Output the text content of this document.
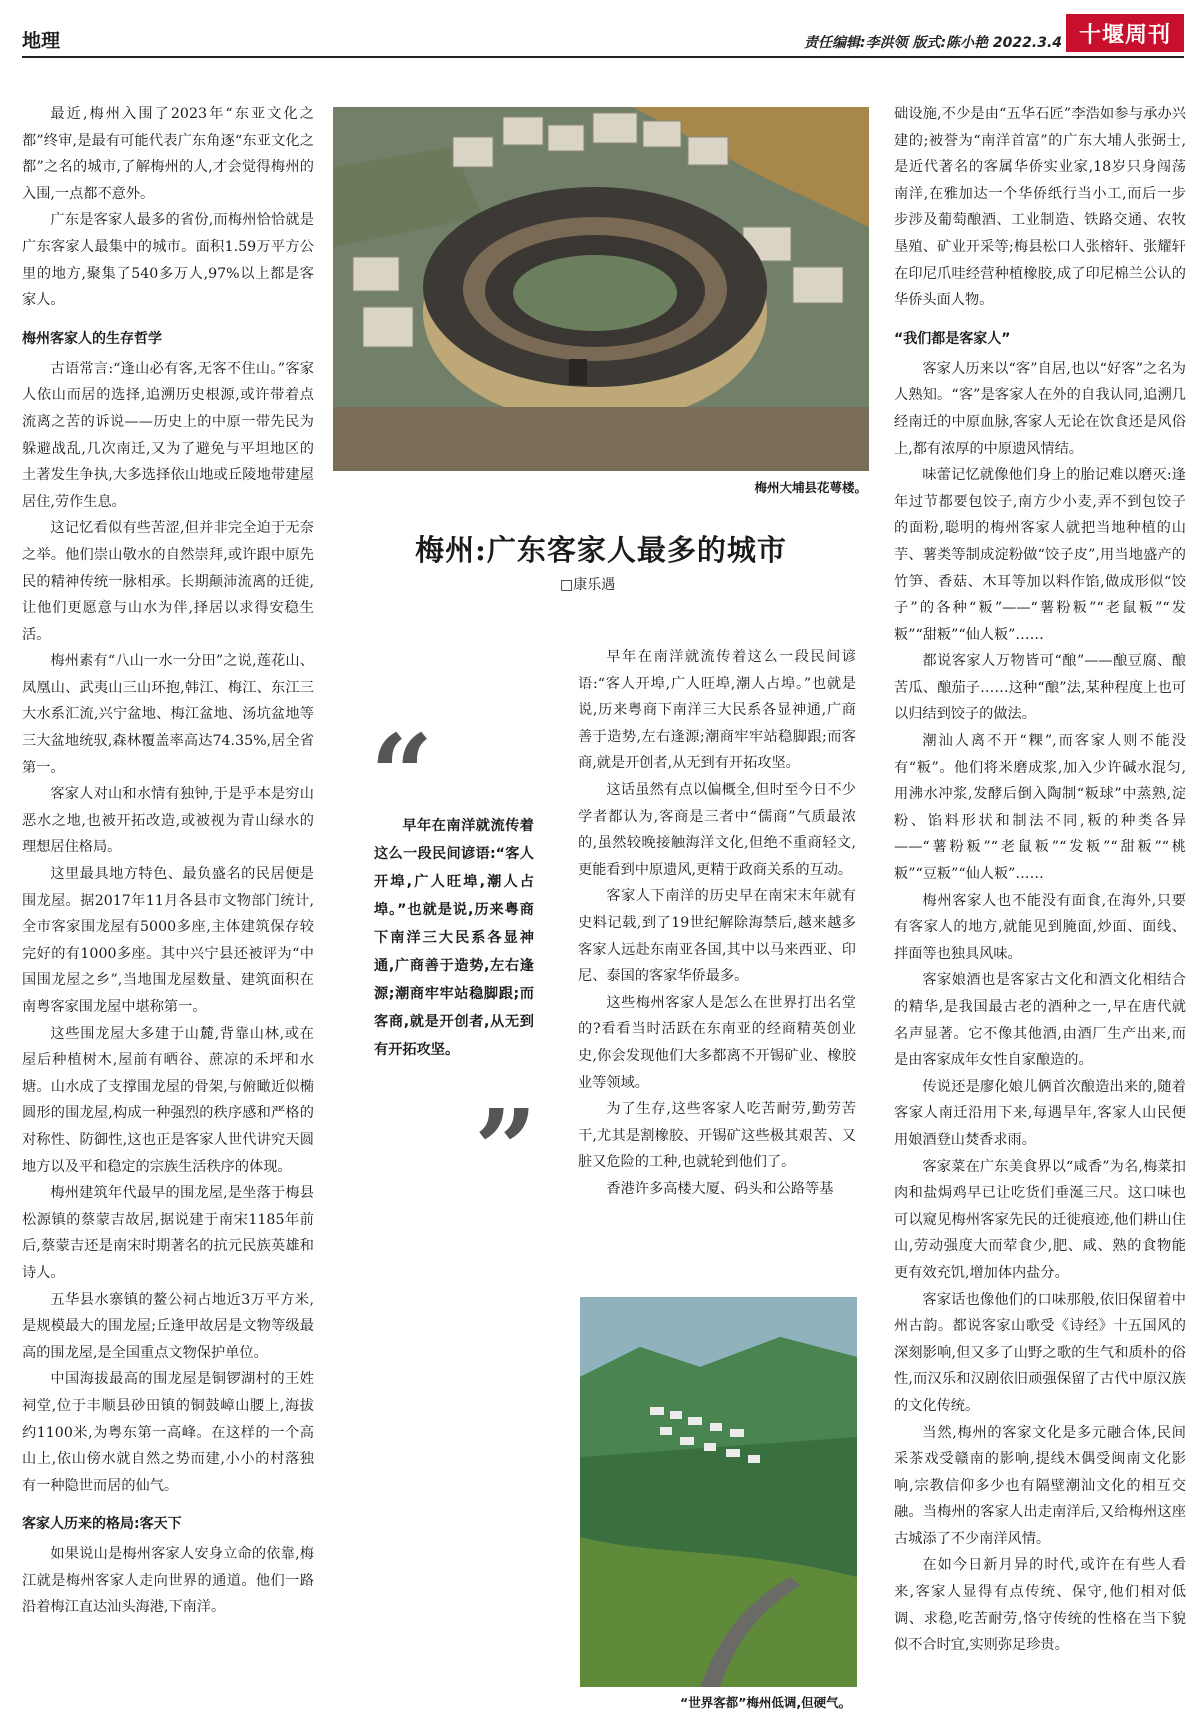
地理	责任编辑:李洪领 版式:陈小艳 2022.3.4 十堰周刊

最近,梅州入围了2023年“东亚文化之都”终审,是最有可能代表广东角逐“东亚文化之都”之名的城市,了解梅州的人,才会觉得梅州的入围,一点都不意外。

广东是客家人最多的省份,而梅州恰恰就是广东客家人最集中的城市。面积1.59万平方公里的地方,聚集了540多万人,97%以上都是客家人。

梅州客家人的生存哲学

古语常言:“逢山必有客,无客不住山。”客家人依山而居的选择,追溯历史根源,或许带着点流离之苦的诉说——历史上的中原一带先民为躲避战乱,几次南迁,又为了避免与平坦地区的土著发生争执,大多选择依山地或丘陵地带建屋居住,劳作生息。

这记忆看似有些苦涩,但并非完全迫于无奈之举。他们崇山敬水的自然崇拜,或许跟中原先民的精神传统一脉相承。长期颠沛流离的迁徙,让他们更愿意与山水为伴,择居以求得安稳生活。

梅州素有“八山一水一分田”之说,莲花山、凤凰山、武夷山三山环抱,韩江、梅江、东江三大水系汇流,兴宁盆地、梅江盆地、汤坑盆地等三大盆地统驭,森林覆盖率高达74.35%,居全省第一。

客家人对山和水情有独钟,于是乎本是穷山恶水之地,也被开拓改造,或被视为青山绿水的理想居住格局。

这里最具地方特色、最负盛名的民居便是围龙屋。据2017年11月各县市文物部门统计,全市客家围龙屋有5000多座,主体建筑保存较完好的有1000多座。其中兴宁县还被评为“中国围龙屋之乡”,当地围龙屋数量、建筑面积在南粤客家围龙屋中堪称第一。

这些围龙屋大多建于山麓,背靠山林,或在屋后种植树木,屋前有晒谷、蔗凉的禾坪和水塘。山水成了支撑围龙屋的骨架,与俯瞰近似椭圆形的围龙屋,构成一种强烈的秩序感和严格的对称性、防御性,这也正是客家人世代讲究天圆地方以及平和稳定的宗族生活秩序的体现。

梅州建筑年代最早的围龙屋,是坐落于梅县松源镇的蔡蒙吉故居,据说建于南宋1185年前后,蔡蒙吉还是南宋时期著名的抗元民族英雄和诗人。

五华县水寨镇的鳌公祠占地近3万平方米,是规模最大的围龙屋;丘逢甲故居是文物等级最高的围龙屋,是全国重点文物保护单位。

中国海拔最高的围龙屋是铜锣湖村的王姓祠堂,位于丰顺县砂田镇的铜鼓嶂山腰上,海拔约1100米,为粤东第一高峰。在这样的一个高山上,依山傍水就自然之势而建,小小的村落独有一种隐世而居的仙气。

客家人历来的格局:客天下

如果说山是梅州客家人安身立命的依靠,梅江就是梅州客家人走向世界的通道。他们一路沿着梅江直达汕头海港,下南洋。

梅州大埔县花萼楼。
梅州:广东客家人最多的城市
□康乐遇
“

早年在南洋就流传着这么一段民间谚语:“客人开埠,广人旺埠,潮人占埠。”也就是说,历来粤商下南洋三大民系各显神通,广商善于造势,左右逢源;潮商牢牢站稳脚跟;而客商,就是开创者,从无到有开拓攻坚。

”

早年在南洋就流传着这么一段民间谚语:“客人开埠,广人旺埠,潮人占埠。”也就是说,历来粤商下南洋三大民系各显神通,广商善于造势,左右逢源;潮商牢牢站稳脚跟;而客商,就是开创者,从无到有开拓攻坚。

这话虽然有点以偏概全,但时至今日不少学者都认为,客商是三者中“儒商”气质最浓的,虽然较晚接触海洋文化,但绝不重商轻文,更能看到中原遗风,更精于政商关系的互动。

客家人下南洋的历史早在南宋末年就有史料记载,到了19世纪解除海禁后,越来越多客家人远赴东南亚各国,其中以马来西亚、印尼、泰国的客家华侨最多。

这些梅州客家人是怎么在世界打出名堂的?看看当时活跃在东南亚的经商精英创业史,你会发现他们大多都离不开锡矿业、橡胶业等领域。

为了生存,这些客家人吃苦耐劳,勤劳苦干,尤其是割橡胶、开锡矿这些极其艰苦、又脏又危险的工种,也就轮到他们了。

香港许多高楼大厦、码头和公路等基

“世界客都”梅州低调,但硬气。

础设施,不少是由“五华石匠”李浩如参与承办兴建的;被誉为“南洋首富”的广东大埔人张弼士,是近代著名的客属华侨实业家,18岁只身闯荡南洋,在雅加达一个华侨纸行当小工,而后一步步涉及葡萄酿酒、工业制造、铁路交通、农牧垦殖、矿业开采等;梅县松口人张榕轩、张耀轩在印尼爪哇经营种植橡胶,成了印尼棉兰公认的华侨头面人物。

“我们都是客家人”

客家人历来以“客”自居,也以“好客”之名为人熟知。“客”是客家人在外的自我认同,追溯几经南迁的中原血脉,客家人无论在饮食还是风俗上,都有浓厚的中原遗风情结。

味蕾记忆就像他们身上的胎记难以磨灭:逢年过节都要包饺子,南方少小麦,弄不到包饺子的面粉,聪明的梅州客家人就把当地种植的山芋、薯类等制成淀粉做“饺子皮”,用当地盛产的竹笋、香菇、木耳等加以料作馅,做成形似“饺子”的各种“粄”——“薯粉粄”“老鼠粄”“发粄”“甜粄”“仙人粄”……

都说客家人万物皆可“酿”——酿豆腐、酿苦瓜、酿茄子……这种“酿”法,某种程度上也可以归结到饺子的做法。

潮汕人离不开“粿”,而客家人则不能没有“粄”。他们将米磨成浆,加入少许碱水混匀,用沸水冲浆,发酵后倒入陶制“粄球”中蒸熟,淀粉、馅料形状和制法不同,粄的种类各异——“薯粉粄”“老鼠粄”“发粄”“甜粄”“桃粄”“豆粄”“仙人粄”……

梅州客家人也不能没有面食,在海外,只要有客家人的地方,就能见到腌面,炒面、面线、拌面等也独具风味。

客家娘酒也是客家古文化和酒文化相结合的精华,是我国最古老的酒种之一,早在唐代就名声显著。它不像其他酒,由酒厂生产出来,而是由客家成年女性自家酿造的。

传说还是廖化娘儿俩首次酿造出来的,随着客家人南迁沿用下来,每遇旱年,客家人山民便用娘酒登山焚香求雨。

客家菜在广东美食界以“咸香”为名,梅菜扣肉和盐焗鸡早已让吃货们垂涎三尺。这口味也可以窥见梅州客家先民的迁徙痕迹,他们耕山住山,劳动强度大而荤食少,肥、咸、熟的食物能更有效充饥,增加体内盐分。

客家话也像他们的口味那般,依旧保留着中州古韵。都说客家山歌受《诗经》十五国风的深刻影响,但又多了山野之歌的生气和质朴的俗性,而汉乐和汉剧依旧顽强保留了古代中原汉族的文化传统。

当然,梅州的客家文化是多元融合体,民间采茶戏受赣南的影响,提线木偶受闽南文化影响,宗教信仰多少也有隔壁潮汕文化的相互交融。当梅州的客家人出走南洋后,又给梅州这座古城添了不少南洋风情。

在如今日新月异的时代,或许在有些人看来,客家人显得有点传统、保守,他们相对低调、求稳,吃苦耐劳,恪守传统的性格在当下貌似不合时宜,实则弥足珍贵。
